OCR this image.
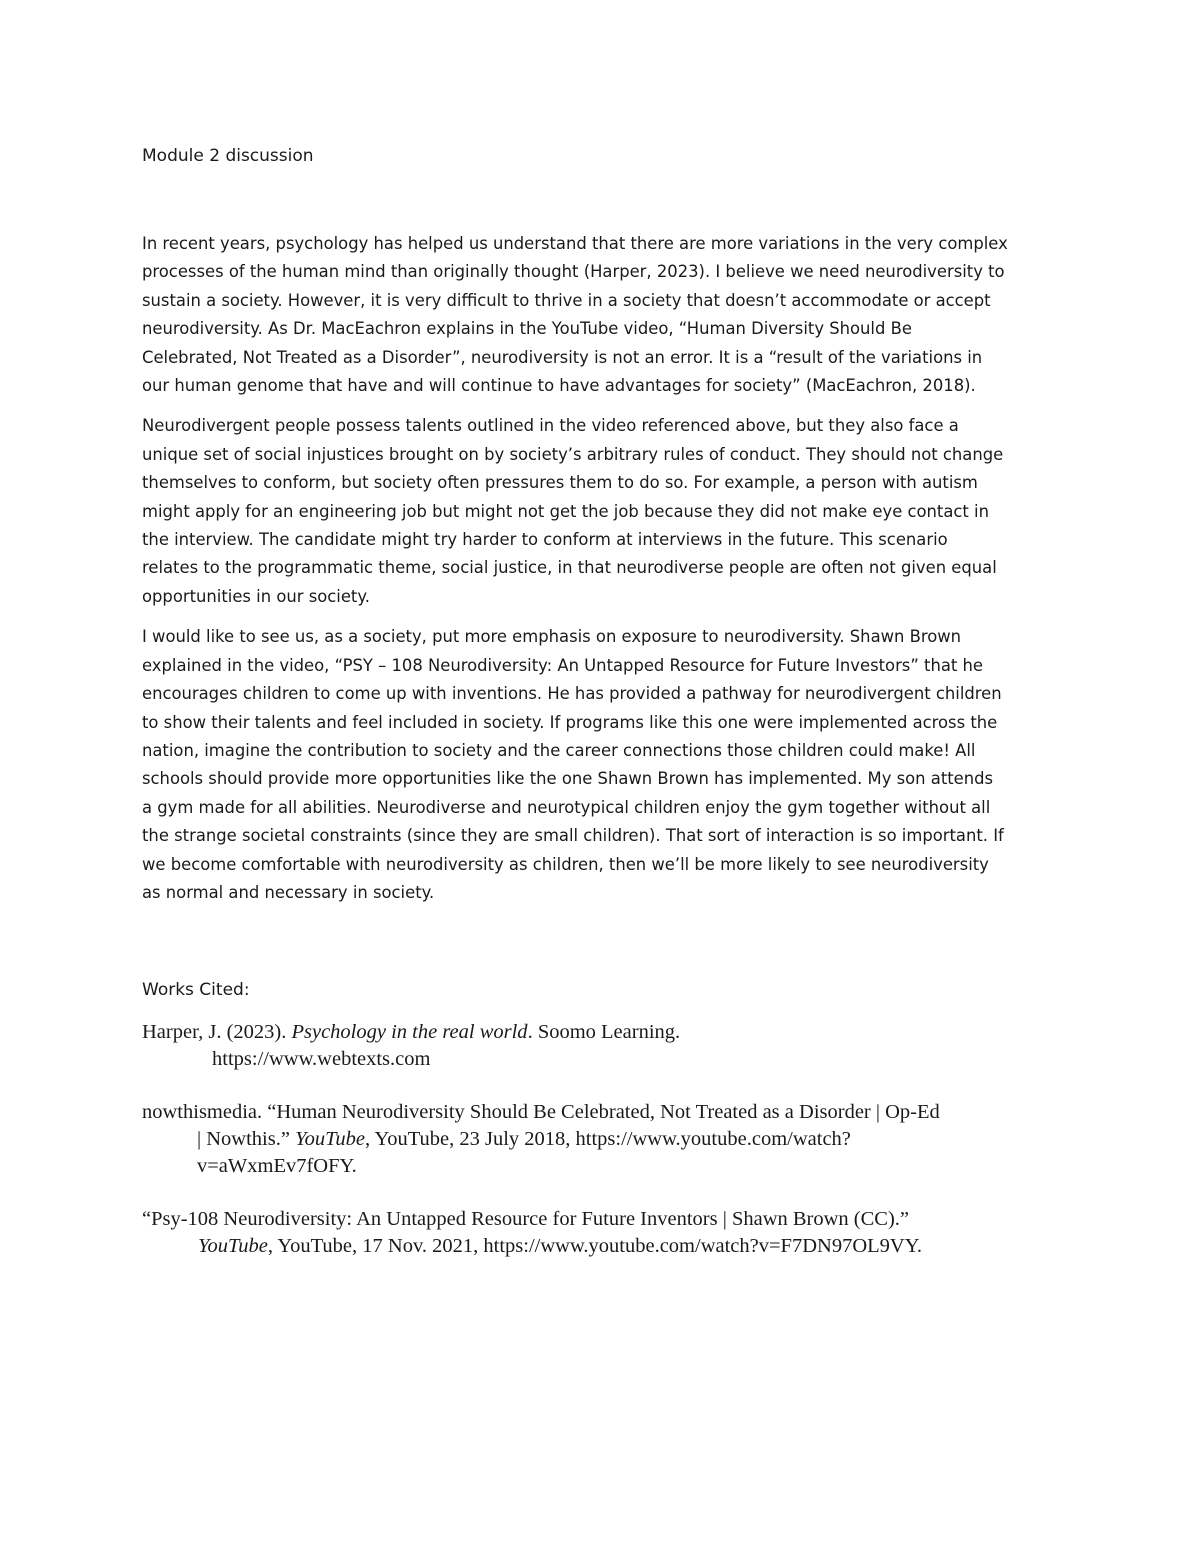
Module 2 discussion

In recent years, psychology has helped us understand that there are more variations in the very complex
processes of the human mind than originally thought (Harper, 2023). I believe we need neurodiversity to
sustain a society. However, it is very difficult to thrive in a society that doesn’t accommodate or accept
neurodiversity. As Dr. MacEachron explains in the YouTube video, “Human Diversity Should Be
Celebrated, Not Treated as a Disorder”, neurodiversity is not an error. It is a “result of the variations in
our human genome that have and will continue to have advantages for society” (MacEachron, 2018).

Neurodivergent people possess talents outlined in the video referenced above, but they also face a
unique set of social injustices brought on by society’s arbitrary rules of conduct. They should not change
themselves to conform, but society often pressures them to do so. For example, a person with autism
might apply for an engineering job but might not get the job because they did not make eye contact in
the interview. The candidate might try harder to conform at interviews in the future. This scenario
relates to the programmatic theme, social justice, in that neurodiverse people are often not given equal
opportunities in our society.

I would like to see us, as a society, put more emphasis on exposure to neurodiversity. Shawn Brown
explained in the video, “PSY – 108 Neurodiversity: An Untapped Resource for Future Investors” that he
encourages children to come up with inventions. He has provided a pathway for neurodivergent children
to show their talents and feel included in society. If programs like this one were implemented across the
nation, imagine the contribution to society and the career connections those children could make! All
schools should provide more opportunities like the one Shawn Brown has implemented. My son attends
a gym made for all abilities. Neurodiverse and neurotypical children enjoy the gym together without all
the strange societal constraints (since they are small children). That sort of interaction is so important. If
we become comfortable with neurodiversity as children, then we’ll be more likely to see neurodiversity
as normal and necessary in society.

Works Cited:
Harper, J. (2023). Psychology in the real world. Soomo Learning.
https://www.webtexts.com
nowthismedia. “Human Neurodiversity Should Be Celebrated, Not Treated as a Disorder | Op-Ed
| Nowthis.” YouTube, YouTube, 23 July 2018, https://www.youtube.com/watch?
v=aWxmEv7fOFY.
“Psy-108 Neurodiversity: An Untapped Resource for Future Inventors | Shawn Brown (CC).”
YouTube, YouTube, 17 Nov. 2021, https://www.youtube.com/watch?v=F7DN97OL9VY.
